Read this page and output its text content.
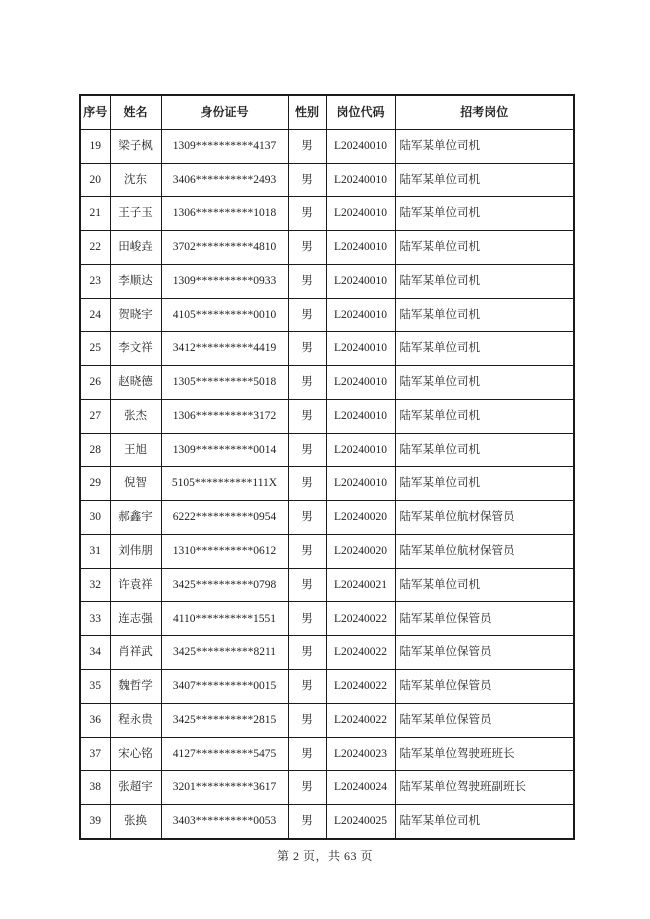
序号	姓名	身份证号	性别	岗位代码	招考岗位
19	梁子枫	1309**********4137	男	L20240010	陆军某单位司机
20	沈东	3406**********2493	男	L20240010	陆军某单位司机
21	王子玉	1306**********1018	男	L20240010	陆军某单位司机
22	田峻垚	3702**********4810	男	L20240010	陆军某单位司机
23	李顺达	1309**********0933	男	L20240010	陆军某单位司机
24	贺晓宇	4105**********0010	男	L20240010	陆军某单位司机
25	李文祥	3412**********4419	男	L20240010	陆军某单位司机
26	赵晓德	1305**********5018	男	L20240010	陆军某单位司机
27	张杰	1306**********3172	男	L20240010	陆军某单位司机
28	王旭	1309**********0014	男	L20240010	陆军某单位司机
29	倪智	5105**********111X	男	L20240010	陆军某单位司机
30	郝鑫宇	6222**********0954	男	L20240020	陆军某单位航材保管员
31	刘伟朋	1310**********0612	男	L20240020	陆军某单位航材保管员
32	许袁祥	3425**********0798	男	L20240021	陆军某单位司机
33	连志强	4110**********1551	男	L20240022	陆军某单位保管员
34	肖祥武	3425**********8211	男	L20240022	陆军某单位保管员
35	魏哲学	3407**********0015	男	L20240022	陆军某单位保管员
36	程永贵	3425**********2815	男	L20240022	陆军某单位保管员
37	宋心铭	4127**********5475	男	L20240023	陆军某单位驾驶班班长
38	张超宇	3201**********3617	男	L20240024	陆军某单位驾驶班副班长
39	张换	3403**********0053	男	L20240025	陆军某单位司机
第 2 页，共 63 页
